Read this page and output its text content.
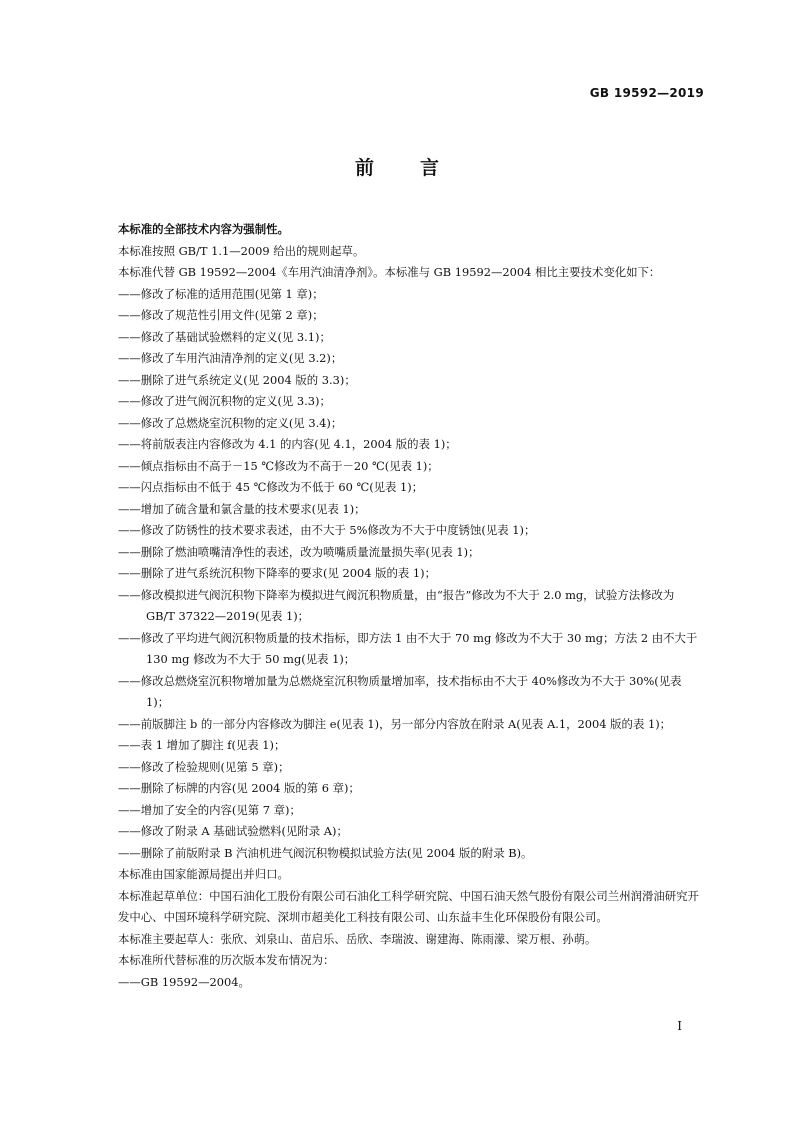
GB 19592—2019
前言

本标准的全部技术内容为强制性。

本标准按照 GB/T 1.1—2009 给出的规则起草。

本标准代替 GB 19592—2004《车用汽油清净剂》。本标准与 GB 19592—2004 相比主要技术变化如下：

——修改了标准的适用范围(见第 1 章)；

——修改了规范性引用文件(见第 2 章)；

——修改了基础试验燃料的定义(见 3.1)；

——修改了车用汽油清净剂的定义(见 3.2)；

——删除了进气系统定义(见 2004 版的 3.3)；

——修改了进气阀沉积物的定义(见 3.3)；

——修改了总燃烧室沉积物的定义(见 3.4)；

——将前版表注内容修改为 4.1 的内容(见 4.1，2004 版的表 1)；

——倾点指标由不高于－15 ℃修改为不高于－20 ℃(见表 1)；

——闪点指标由不低于 45 ℃修改为不低于 60 ℃(见表 1)；

——增加了硫含量和氯含量的技术要求(见表 1)；

——修改了防锈性的技术要求表述，由不大于 5%修改为不大于中度锈蚀(见表 1)；

——删除了燃油喷嘴清净性的表述，改为喷嘴质量流量损失率(见表 1)；

——删除了进气系统沉积物下降率的要求(见 2004 版的表 1)；

——修改模拟进气阀沉积物下降率为模拟进气阀沉积物质量，由“报告”修改为不大于 2.0 mg，试验方法修改为 GB/T 37322—2019(见表 1)；

——修改了平均进气阀沉积物质量的技术指标，即方法 1 由不大于 70 mg 修改为不大于 30 mg；方法 2 由不大于 130 mg 修改为不大于 50 mg(见表 1)；

——修改总燃烧室沉积物增加量为总燃烧室沉积物质量增加率，技术指标由不大于 40%修改为不大于 30%(见表 1)；

——前版脚注 b 的一部分内容修改为脚注 e(见表 1)，另一部分内容放在附录 A(见表 A.1，2004 版的表 1)；

——表 1 增加了脚注 f(见表 1)；

——修改了检验规则(见第 5 章)；

——删除了标牌的内容(见 2004 版的第 6 章)；

——增加了安全的内容(见第 7 章)；

——修改了附录 A 基础试验燃料(见附录 A)；

——删除了前版附录 B 汽油机进气阀沉积物模拟试验方法(见 2004 版的附录 B)。

本标准由国家能源局提出并归口。

本标准起草单位：中国石油化工股份有限公司石油化工科学研究院、中国石油天然气股份有限公司兰州润滑油研究开发中心、中国环境科学研究院、深圳市超美化工科技有限公司、山东益丰生化环保股份有限公司。

本标准主要起草人：张欣、刘泉山、苗启乐、岳欣、李瑞波、谢建海、陈雨濛、梁万根、孙萌。

本标准所代替标准的历次版本发布情况为：

——GB 19592—2004。

I
